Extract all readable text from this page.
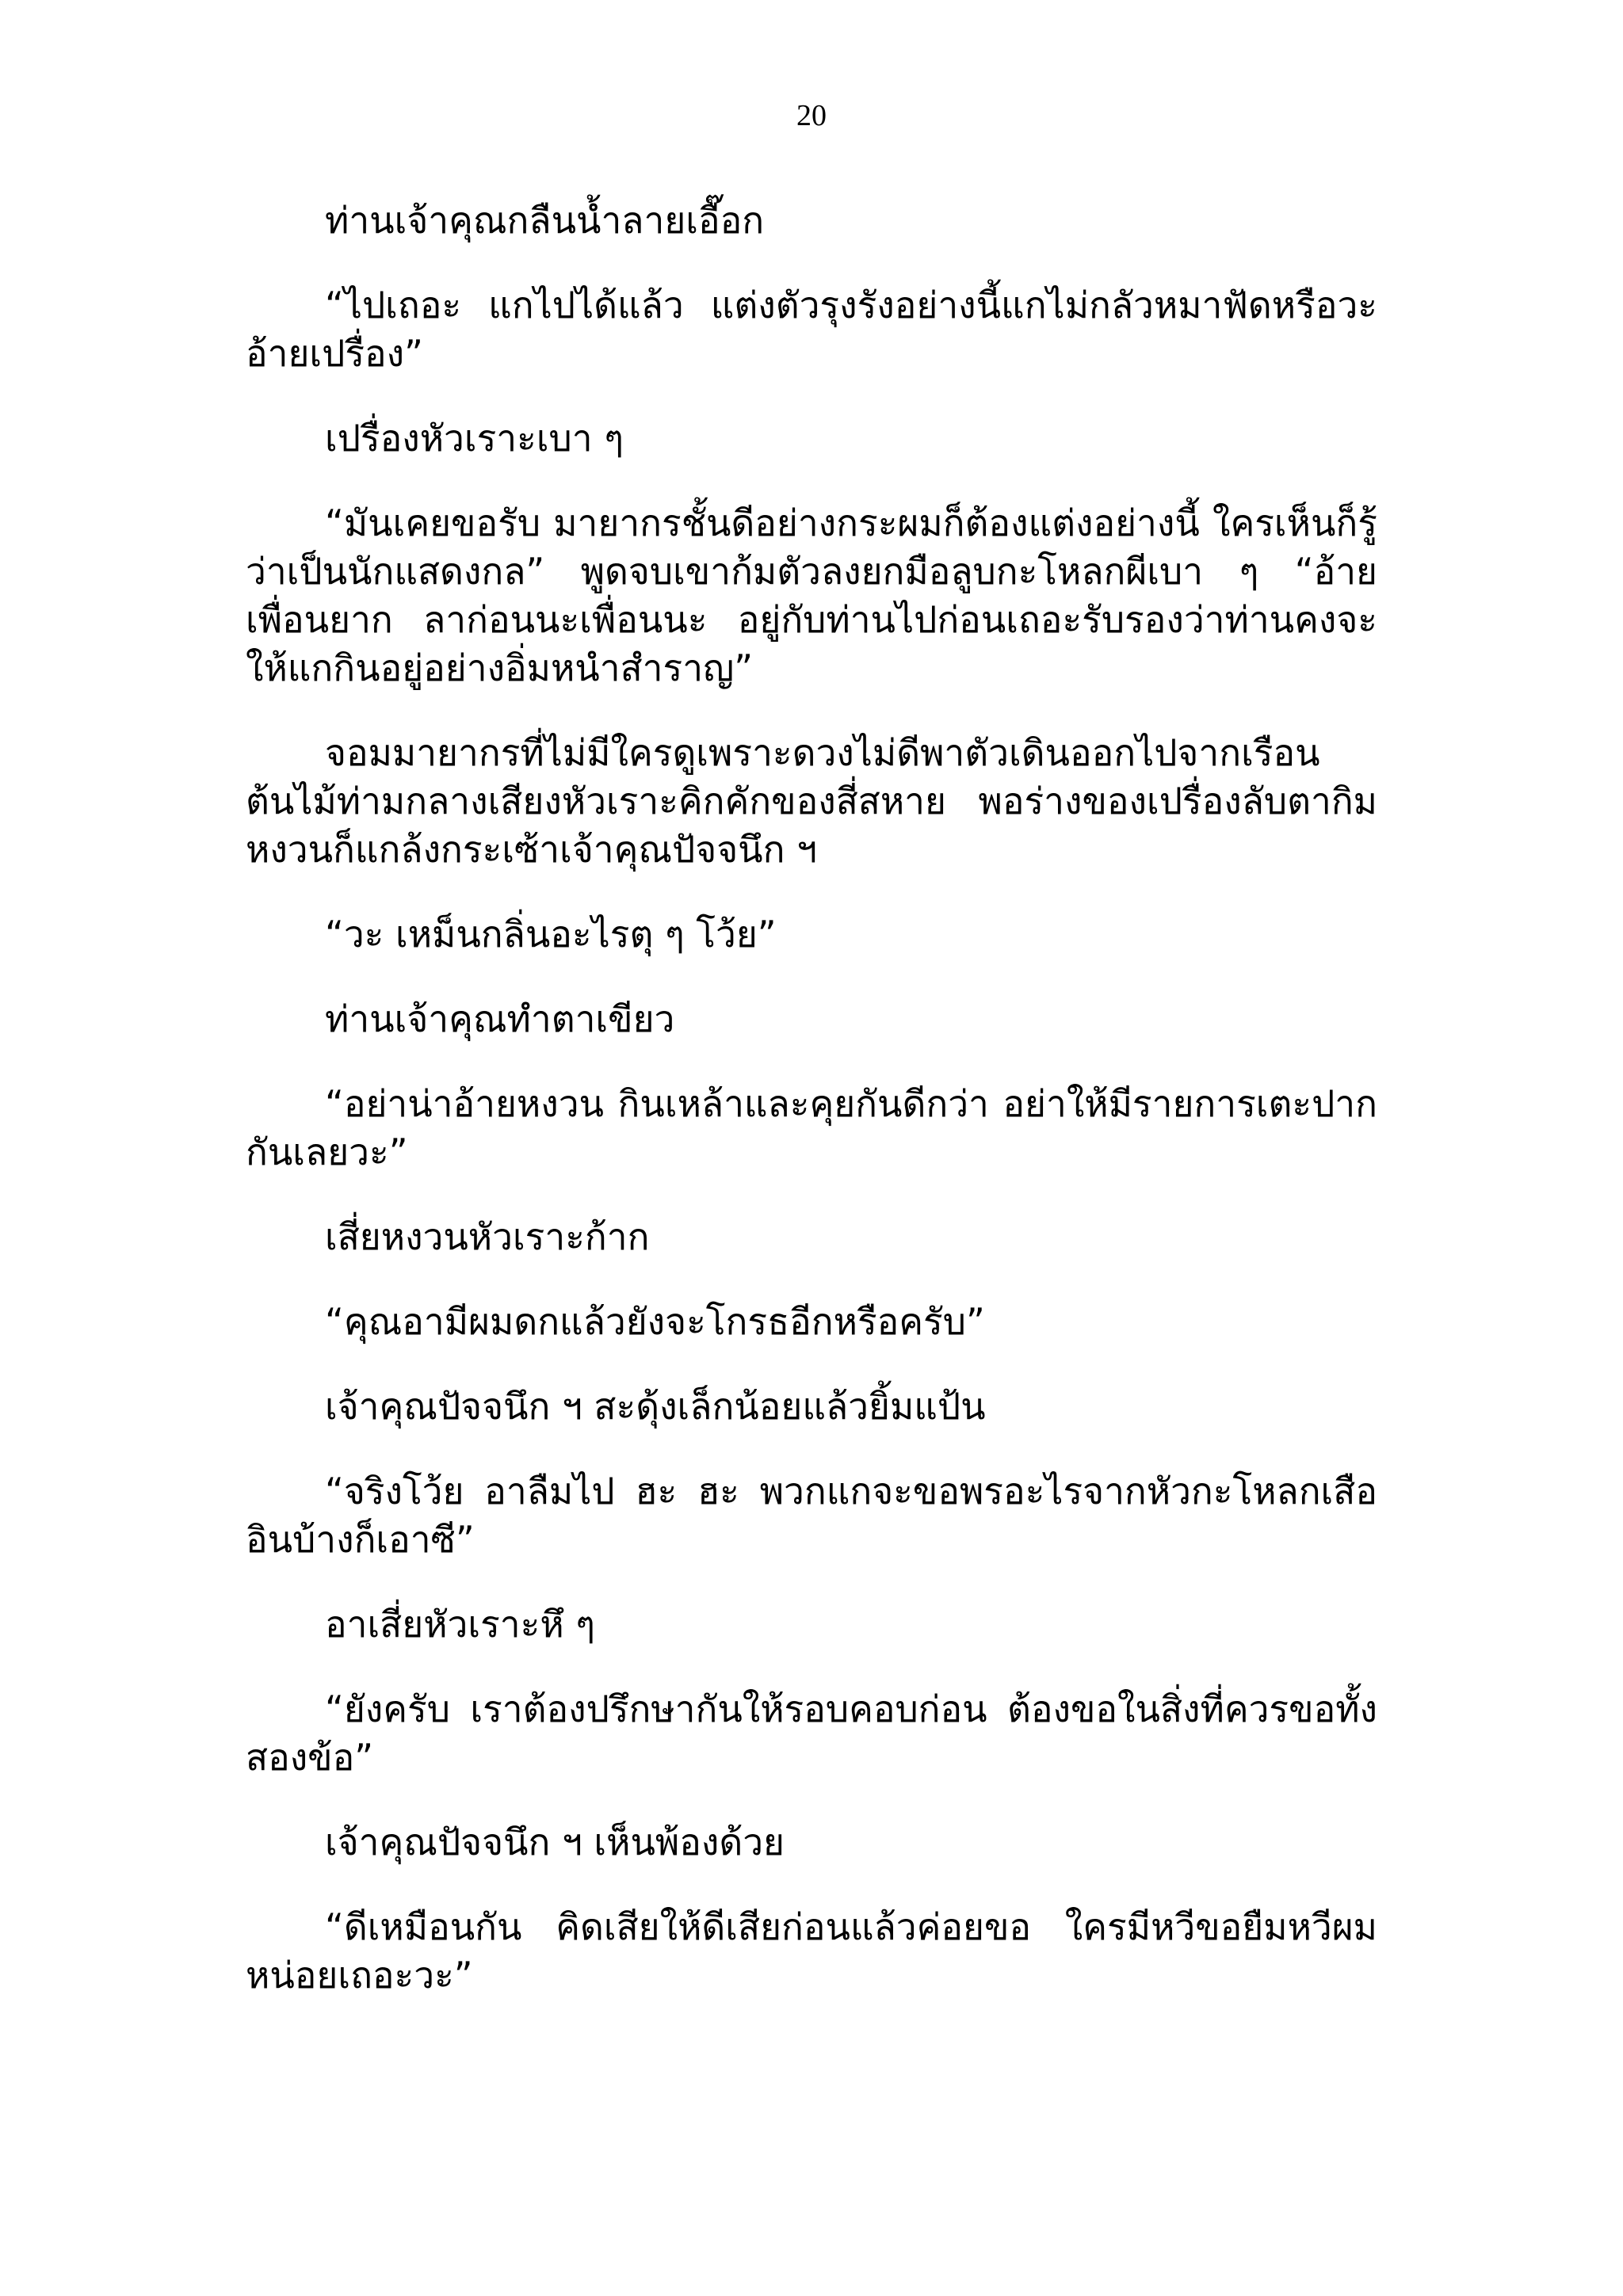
20

ท่านเจ้าคุณกลืนน้ำลายเอื๊อก

“ไปเถอะ แกไปได้แล้ว แต่งตัวรุงรังอย่างนี้แกไม่กลัวหมาฟัดหรือวะอ้ายเปรื่อง”

เปรื่องหัวเราะเบา ๆ

“มันเคยขอรับ มายากรชั้นดีอย่างกระผมก็ต้องแต่งอย่างนี้ ใครเห็นก็รู้ว่าเป็นนักแสดงกล” พูดจบเขาก้มตัวลงยกมือลูบกะโหลกผีเบา ๆ “อ้ายเพื่อนยาก ลาก่อนนะเพื่อนนะ อยู่กับท่านไปก่อนเถอะรับรองว่าท่านคงจะให้แกกินอยู่อย่างอิ่มหนำสำราญ”

จอมมายากรที่ไม่มีใครดูเพราะดวงไม่ดีพาตัวเดินออกไปจากเรือนต้นไม้ท่ามกลางเสียงหัวเราะคิกคักของสี่สหาย พอร่างของเปรื่องลับตากิมหงวนก็แกล้งกระเซ้าเจ้าคุณปัจจนึก ฯ

“วะ เหม็นกลิ่นอะไรตุ ๆ โว้ย”

ท่านเจ้าคุณทำตาเขียว

“อย่าน่าอ้ายหงวน กินเหล้าและคุยกันดีกว่า อย่าให้มีรายการเตะปากกันเลยวะ”

เสี่ยหงวนหัวเราะก้าก

“คุณอามีผมดกแล้วยังจะโกรธอีกหรือครับ”

เจ้าคุณปัจจนึก ฯ สะดุ้งเล็กน้อยแล้วยิ้มแป้น

“จริงโว้ย อาลืมไป ฮะ ฮะ พวกแกจะขอพรอะไรจากหัวกะโหลกเสืออินบ้างก็เอาซี”

อาเสี่ยหัวเราะหึ ๆ

“ยังครับ เราต้องปรึกษากันให้รอบคอบก่อน ต้องขอในสิ่งที่ควรขอทั้งสองข้อ”

เจ้าคุณปัจจนึก ฯ เห็นพ้องด้วย

“ดีเหมือนกัน คิดเสียให้ดีเสียก่อนแล้วค่อยขอ ใครมีหวีขอยืมหวีผมหน่อยเถอะวะ”
